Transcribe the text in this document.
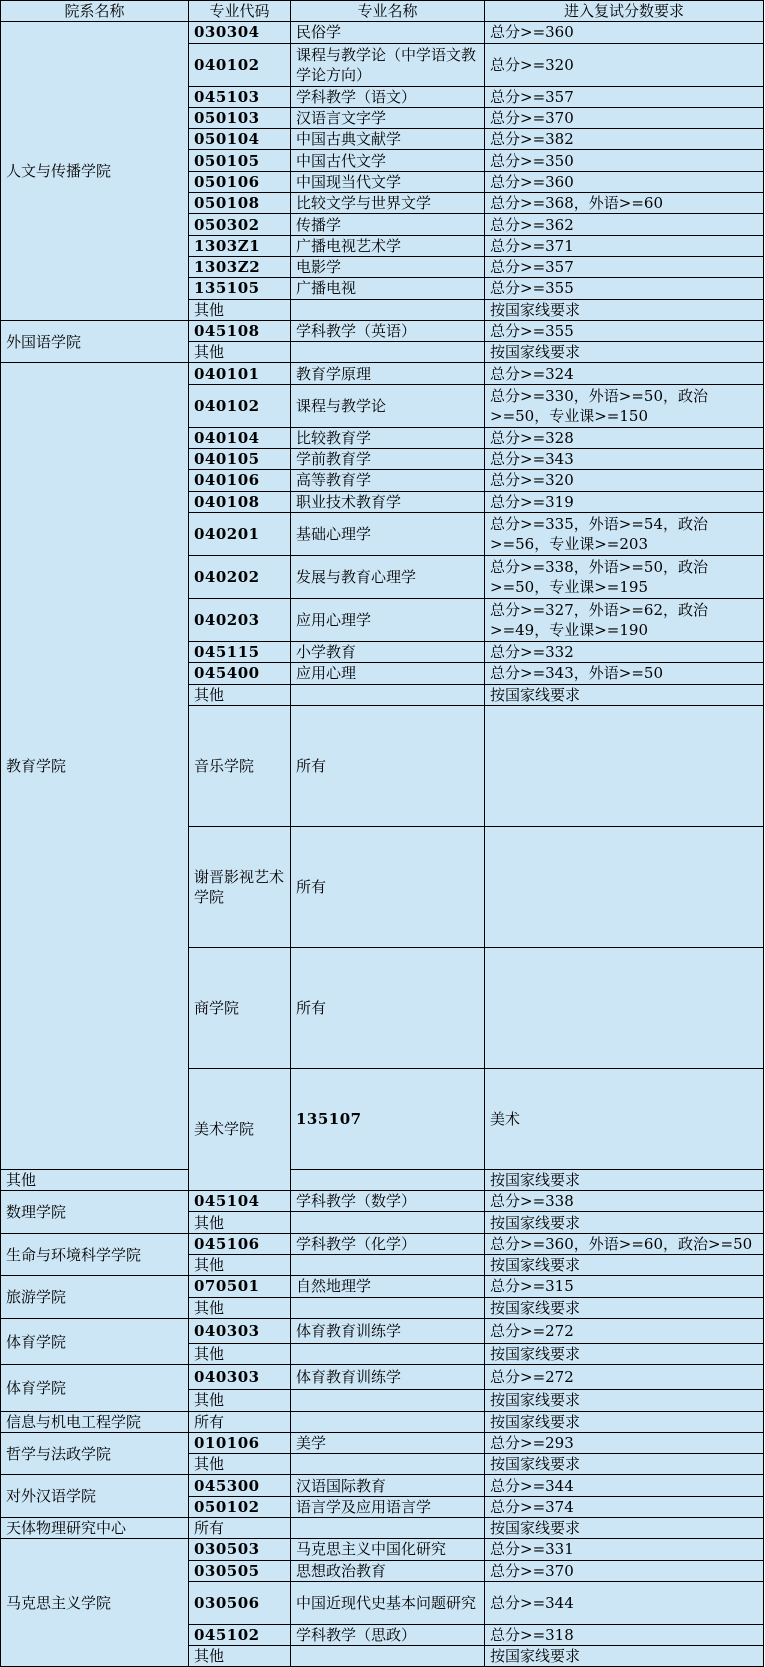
院系名称	专业代码	专业名称	进入复试分数要求	
人文与传播学院	030304	民俗学	总分>=360	
	040102	课程与教学论（中学语文教学论方向）	总分>=320	
	045103	学科教学（语文）	总分>=357	
	050103	汉语言文字学	总分>=370	
	050104	中国古典文献学	总分>=382	
	050105	中国古代文学	总分>=350	
	050106	中国现当代文学	总分>=360	
	050108	比较文学与世界文学	总分>=368，外语>=60	
	050302	传播学	总分>=362	
	1303Z1	广播电视艺术学	总分>=371	
	1303Z2	电影学	总分>=357	
	135105	广播电视	总分>=355	
	其他		按国家线要求	
外国语学院	045108	学科教学（英语）	总分>=355	
	其他		按国家线要求	
教育学院	040101	教育学原理	总分>=324	
	040102	课程与教学论	总分>=330，外语>=50，政治>=50，专业课>=150	
	040104	比较教育学	总分>=328	
	040105	学前教育学	总分>=343	
	040106	高等教育学	总分>=320	
	040108	职业技术教育学	总分>=319	
	040201	基础心理学	总分>=335，外语>=54，政治>=56，专业课>=203	
	040202	发展与教育心理学	总分>=338，外语>=50，政治>=50，专业课>=195	
	040203	应用心理学	总分>=327，外语>=62，政治>=49，专业课>=190	
	045115	小学教育	总分>=332	
	045400	应用心理	总分>=343，外语>=50	
	其他		按国家线要求	
	音乐学院	所有		
	谢晋影视艺术学院	所有		
	商学院	所有		
	美术学院	135107	美术	
其他			按国家线要求	
数理学院	045104	学科教学（数学）	总分>=338	
	其他		按国家线要求	
生命与环境科学学院	045106	学科教学（化学）	总分>=360，外语>=60，政治>=50	
	其他		按国家线要求	
旅游学院	070501	自然地理学	总分>=315	
	其他		按国家线要求	
体育学院	040303	体育教育训练学	总分>=272	
	其他		按国家线要求	
体育学院	040303	体育教育训练学	总分>=272	
	其他		按国家线要求	
信息与机电工程学院	所有		按国家线要求	
哲学与法政学院	010106	美学	总分>=293	
	其他		按国家线要求	
对外汉语学院	045300	汉语国际教育	总分>=344	
	050102	语言学及应用语言学	总分>=374	
天体物理研究中心	所有		按国家线要求	
马克思主义学院	030503	马克思主义中国化研究	总分>=331	
	030505	思想政治教育	总分>=370	
	030506	中国近现代史基本问题研究	总分>=344	
	045102	学科教学（思政）	总分>=318	
	其他		按国家线要求	
